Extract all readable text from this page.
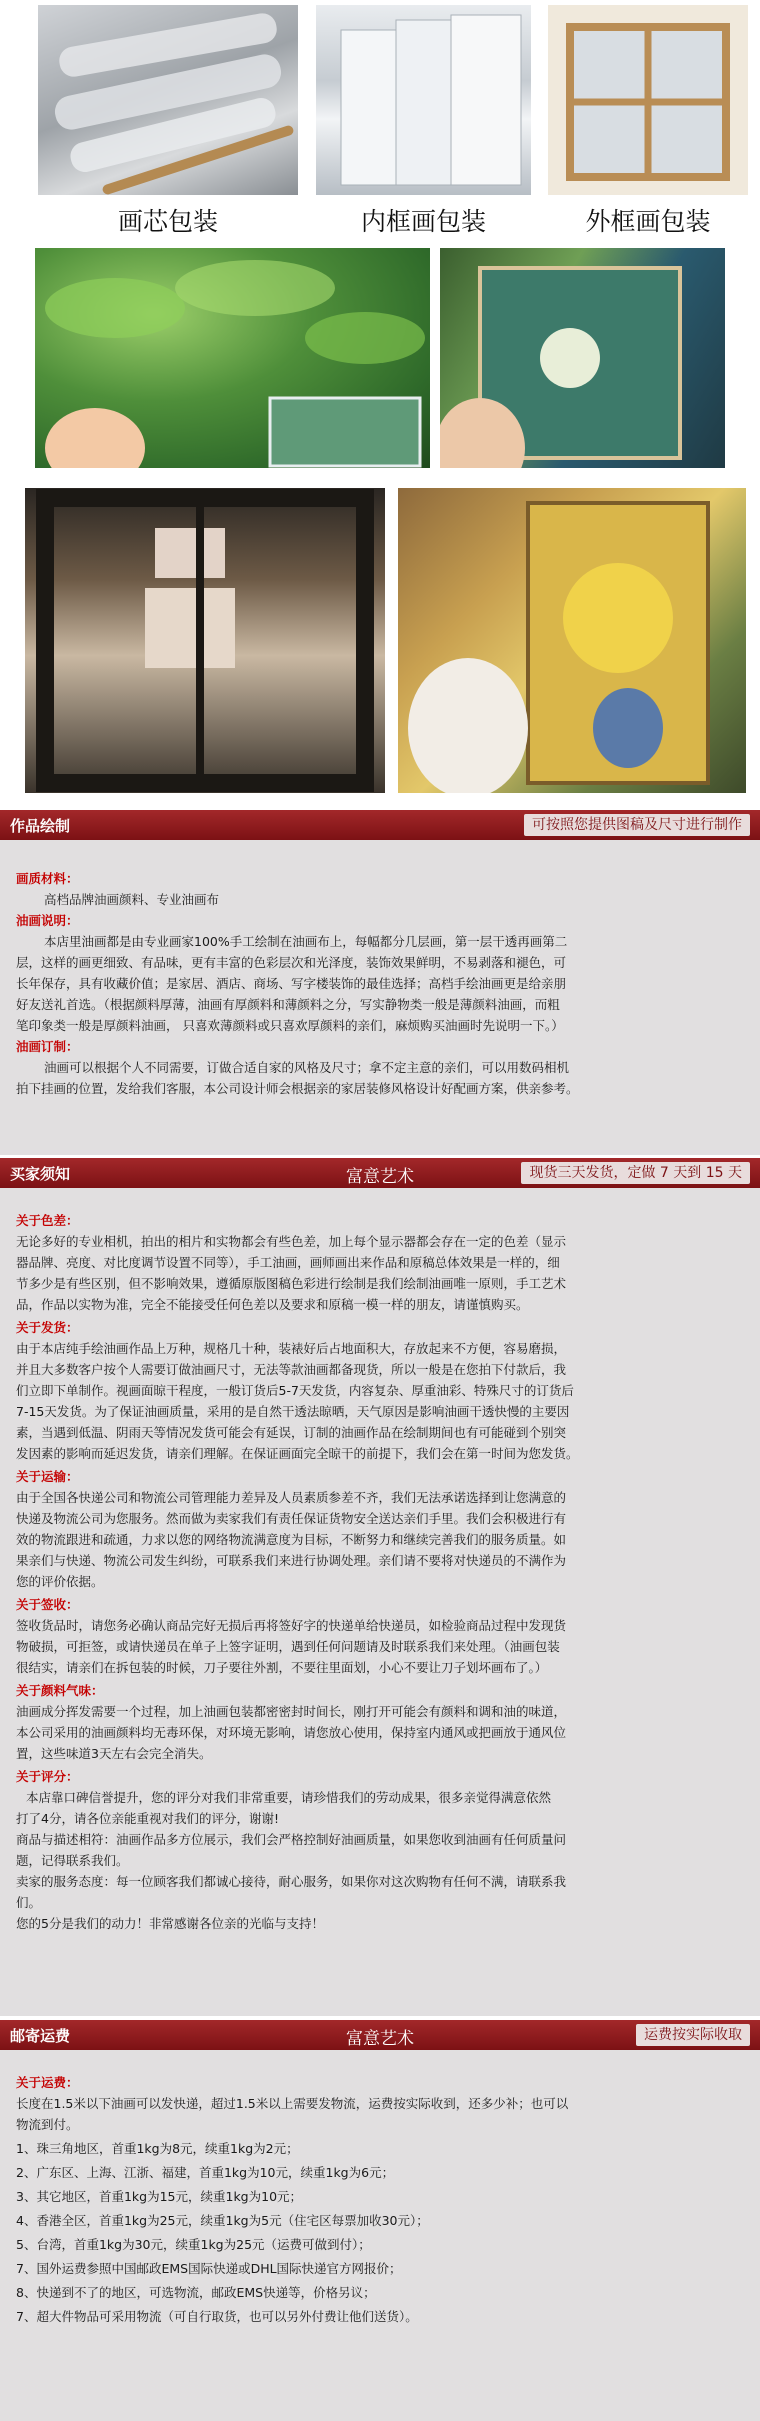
画芯包装	内框画包装	外框画包装
作品绘制	可按照您提供图稿及尺寸进行制作

画质材料：

高档品牌油画颜料、专业油画布

油画说明：

本店里油画都是由专业画家100%手工绘制在油画布上，每幅都分几层画，第一层干透再画第二

层，这样的画更细致、有品味，更有丰富的色彩层次和光泽度，装饰效果鲜明，不易剥落和褪色，可

长年保存，具有收藏价值；是家居、酒店、商场、写字楼装饰的最佳选择；高档手绘油画更是给亲朋

好友送礼首选。（根据颜料厚薄，油画有厚颜料和薄颜料之分，写实静物类一般是薄颜料油画，而粗

笔印象类一般是厚颜料油画， 只喜欢薄颜料或只喜欢厚颜料的亲们，麻烦购买油画时先说明一下。）

油画订制：

油画可以根据个人不同需要，订做合适自家的风格及尺寸；拿不定主意的亲们，可以用数码相机

拍下挂画的位置，发给我们客服，本公司设计师会根据亲的家居装修风格设计好配画方案，供亲参考。

买家须知	富意艺术	现货三天发货，定做 7 天到 15 天

关于色差：

无论多好的专业相机，拍出的相片和实物都会有些色差，加上每个显示器都会存在一定的色差（显示

器品牌、亮度、对比度调节设置不同等），手工油画，画师画出来作品和原稿总体效果是一样的，细

节多少是有些区别，但不影响效果，遵循原版图稿色彩进行绘制是我们绘制油画唯一原则，手工艺术

品，作品以实物为准，完全不能接受任何色差以及要求和原稿一模一样的朋友，请谨慎购买。

关于发货：

由于本店纯手绘油画作品上万种，规格几十种，装裱好后占地面积大，存放起来不方便，容易磨损，

并且大多数客户按个人需要订做油画尺寸，无法等款油画都备现货，所以一般是在您拍下付款后，我

们立即下单制作。视画面晾干程度，一般订货后5-7天发货，内容复杂、厚重油彩、特殊尺寸的订货后

7-15天发货。为了保证油画质量，采用的是自然干透法晾晒，天气原因是影响油画干透快慢的主要因

素，当遇到低温、阴雨天等情况发货可能会有延误，订制的油画作品在绘制期间也有可能碰到个别突

发因素的影响而延迟发货，请亲们理解。在保证画面完全晾干的前提下，我们会在第一时间为您发货。

关于运输：

由于全国各快递公司和物流公司管理能力差异及人员素质参差不齐，我们无法承诺选择到让您满意的

快递及物流公司为您服务。然而做为卖家我们有责任保证货物安全送达亲们手里。我们会积极进行有

效的物流跟进和疏通，力求以您的网络物流满意度为目标，不断努力和继续完善我们的服务质量。如

果亲们与快递、物流公司发生纠纷，可联系我们来进行协调处理。亲们请不要将对快递员的不满作为

您的评价依据。

关于签收：

签收货品时，请您务必确认商品完好无损后再将签好字的快递单给快递员，如检验商品过程中发现货

物破损，可拒签，或请快递员在单子上签字证明，遇到任何问题请及时联系我们来处理。（油画包装

很结实，请亲们在拆包装的时候，刀子要往外割，不要往里面划，小心不要让刀子划坏画布了。）

关于颜料气味：

油画成分挥发需要一个过程，加上油画包装都密密封时间长，刚打开可能会有颜料和调和油的味道，

本公司采用的油画颜料均无毒环保，对环境无影响，请您放心使用，保持室内通风或把画放于通风位

置，这些味道3天左右会完全消失。

关于评分：

本店靠口碑信誉提升，您的评分对我们非常重要，请珍惜我们的劳动成果，很多亲觉得满意依然

打了4分，请各位亲能重视对我们的评分，谢谢!

商品与描述相符：油画作品多方位展示，我们会严格控制好油画质量，如果您收到油画有任何质量问

题，记得联系我们。

卖家的服务态度：每一位顾客我们都诚心接待，耐心服务，如果你对这次购物有任何不满，请联系我

们。

您的5分是我们的动力！非常感谢各位亲的光临与支持！

邮寄运费	富意艺术	运费按实际收取

关于运费：

长度在1.5米以下油画可以发快递，超过1.5米以上需要发物流，运费按实际收到，还多少补；也可以

物流到付。

1、珠三角地区，首重1kg为8元，续重1kg为2元；

2、广东区、上海、江浙、福建，首重1kg为10元，续重1kg为6元；

3、其它地区，首重1kg为15元，续重1kg为10元；

4、香港全区，首重1kg为25元，续重1kg为5元（住宅区每票加收30元）；

5、台湾，首重1kg为30元，续重1kg为25元（运费可做到付）；

7、国外运费参照中国邮政EMS国际快递或DHL国际快递官方网报价；

8、快递到不了的地区，可选物流，邮政EMS快递等，价格另议；

7、超大件物品可采用物流（可自行取货，也可以另外付费让他们送货）。
